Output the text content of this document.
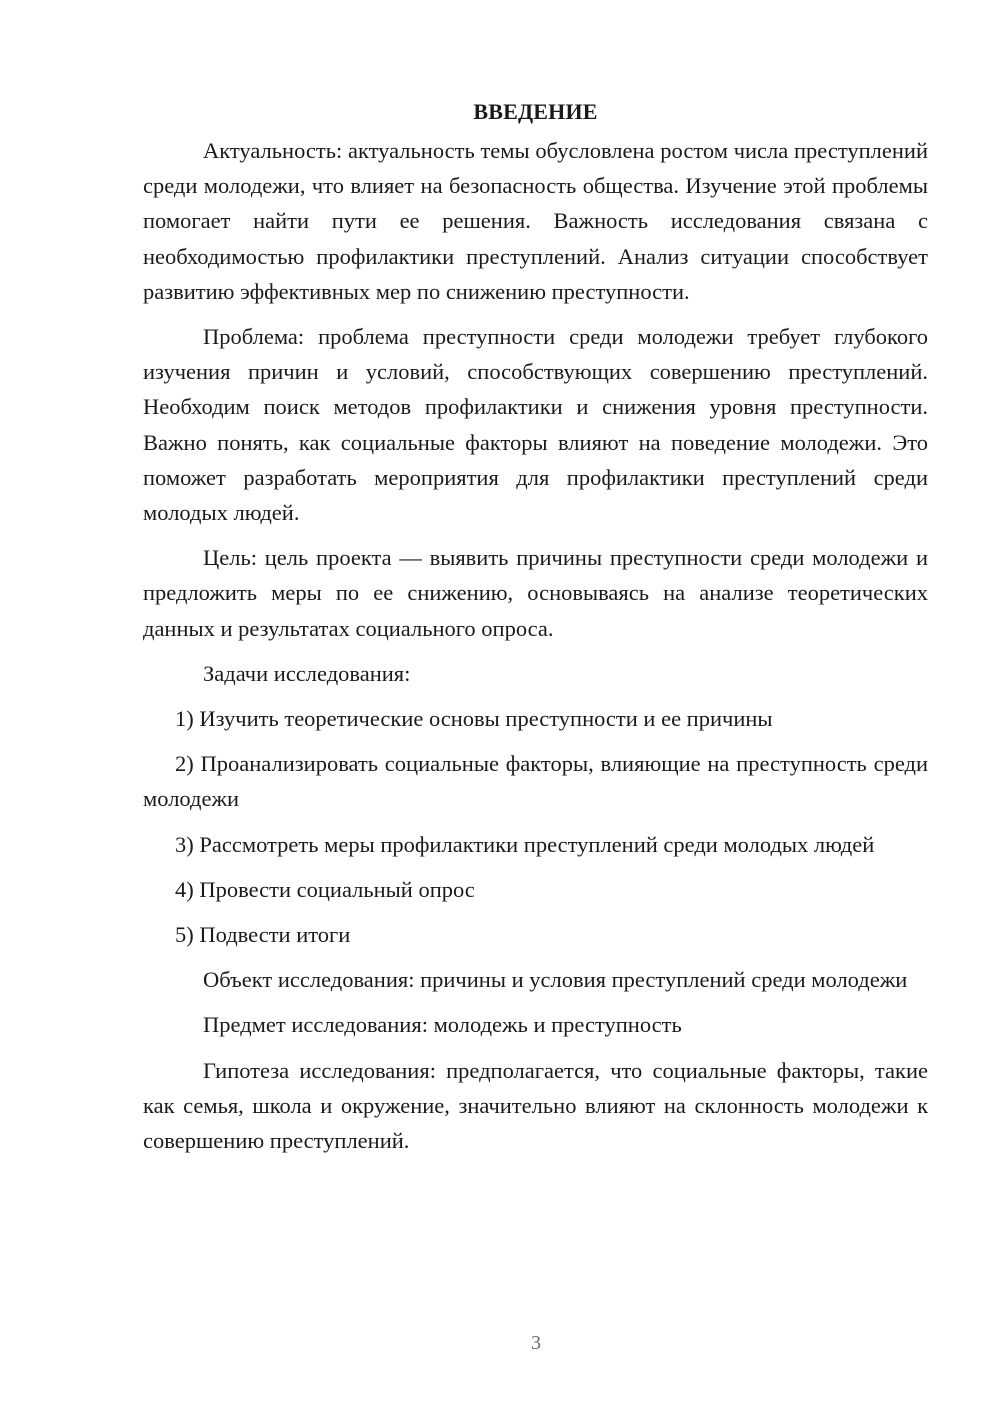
ВВЕДЕНИЕ

Актуальность: актуальность темы обусловлена ростом числа преступлений среди молодежи, что влияет на безопасность общества. Изучение этой проблемы помогает найти пути ее решения. Важность исследования связана с необходимостью профилактики преступлений. Анализ ситуации способствует развитию эффективных мер по снижению преступности.

Проблема: проблема преступности среди молодежи требует глубокого изучения причин и условий, способствующих совершению преступлений. Необходим поиск методов профилактики и снижения уровня преступности. Важно понять, как социальные факторы влияют на поведение молодежи. Это поможет разработать мероприятия для профилактики преступлений среди молодых людей.

Цель: цель проекта — выявить причины преступности среди молодежи и предложить меры по ее снижению, основываясь на анализе теоретических данных и результатах социального опроса.

Задачи исследования:

1) Изучить теоретические основы преступности и ее причины

2) Проанализировать социальные факторы, влияющие на преступность среди молодежи

3) Рассмотреть меры профилактики преступлений среди молодых людей

4) Провести социальный опрос

5) Подвести итоги

Объект исследования: причины и условия преступлений среди молодежи

Предмет исследования: молодежь и преступность

Гипотеза исследования: предполагается, что социальные факторы, такие как семья, школа и окружение, значительно влияют на склонность молодежи к совершению преступлений.

3
